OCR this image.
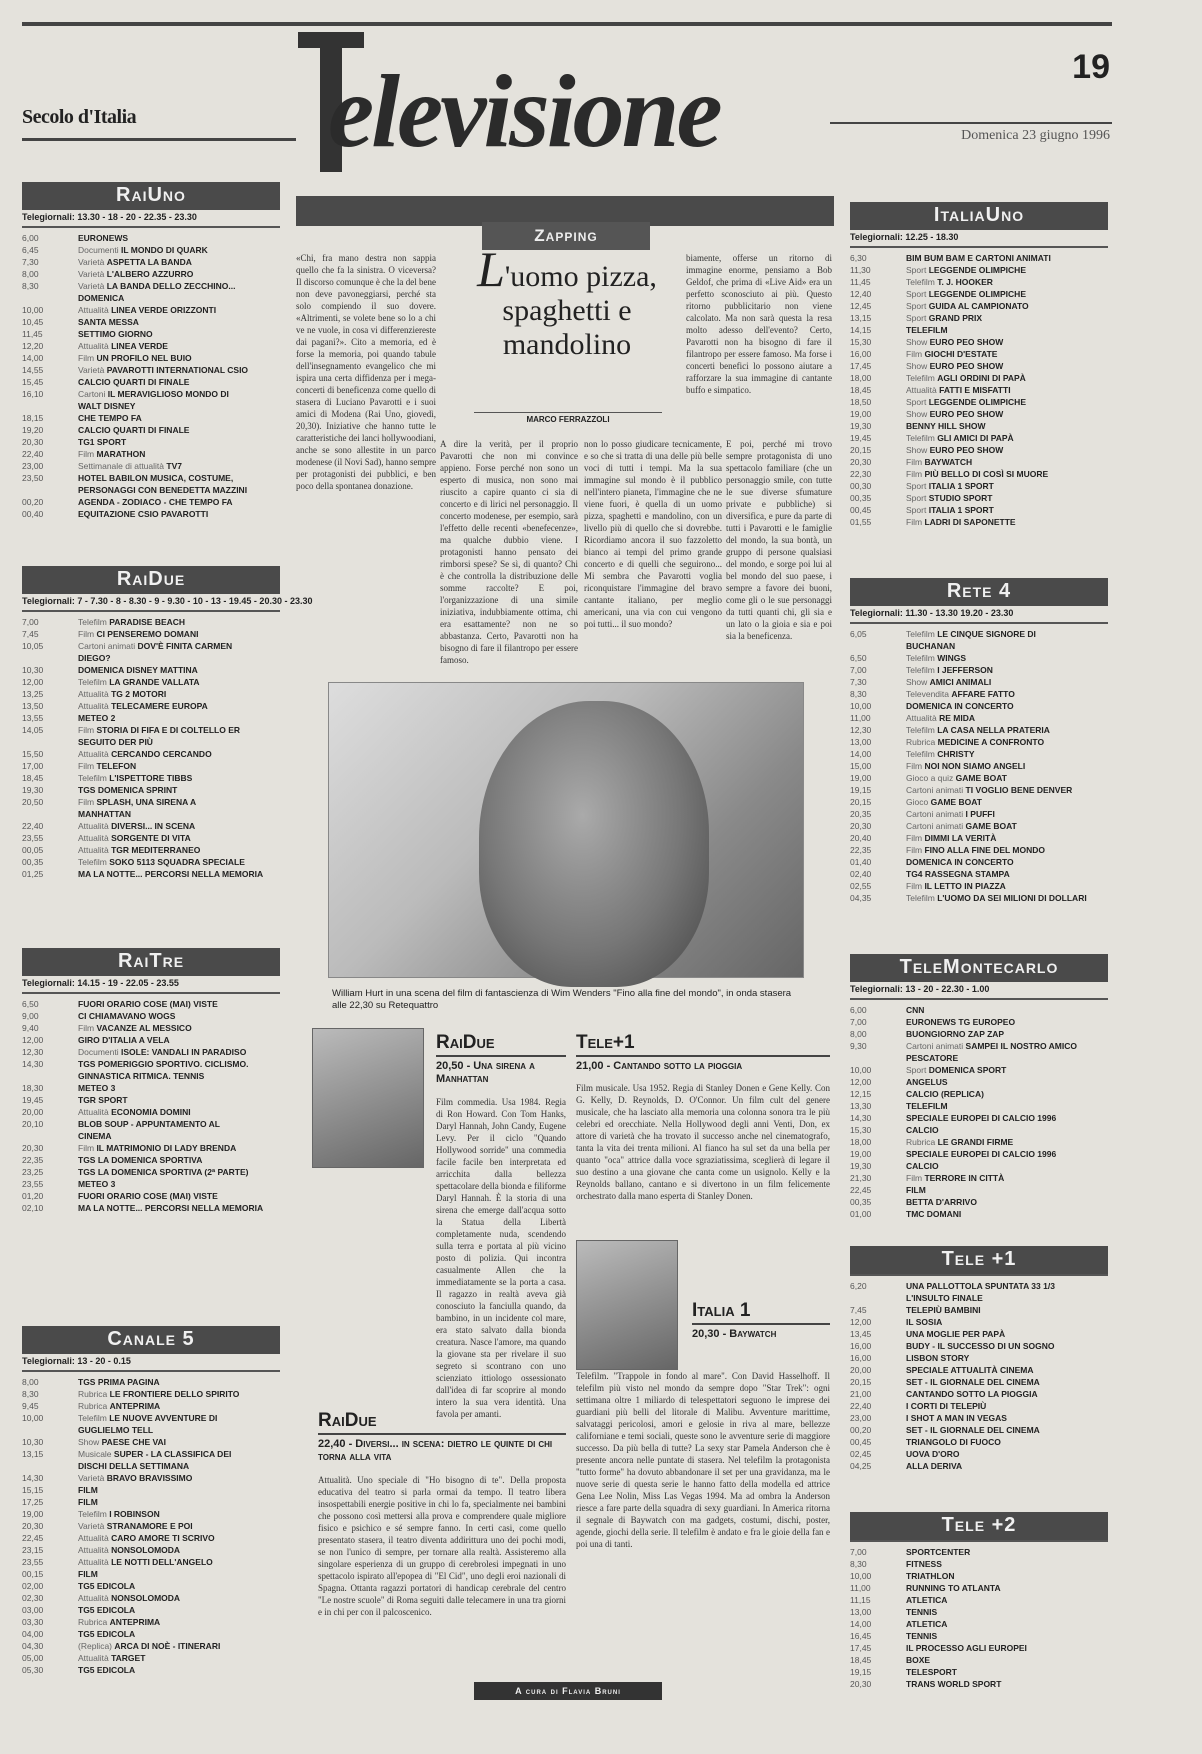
19
Secolo d'Italia
Domenica 23 giugno 1996
elevisione
RaiUno
Telegiornali: 13.30 - 18 - 20 - 22.35 - 23.30
6,00	EURONEWS
6,45	Documenti IL MONDO DI QUARK
7,30	Varietà ASPETTA LA BANDA
8,00	Varietà L'ALBERO AZZURRO
8,30	Varietà LA BANDA DELLO ZECCHINO...
DOMENICA
10,00	Attualità LINEA VERDE ORIZZONTI
10,45	SANTA MESSA
11,45	SETTIMO GIORNO
12,20	Attualità LINEA VERDE
14,00	Film UN PROFILO NEL BUIO
14,55	Varietà PAVAROTTI INTERNATIONAL CSIO
15,45	CALCIO QUARTI DI FINALE
16,10	Cartoni IL MERAVIGLIOSO MONDO DI
WALT DISNEY
18,15	CHE TEMPO FA
19,20	CALCIO QUARTI DI FINALE
20,30	TG1 SPORT
22,40	Film MARATHON
23,00	Settimanale di attualità TV7
23,50	HOTEL BABILON MUSICA, COSTUME,
PERSONAGGI CON BENEDETTA MAZZINI
00,20	AGENDA - ZODIACO - CHE TEMPO FA
00,40	EQUITAZIONE CSIO PAVAROTTI
RaiDue
Telegiornali: 7 - 7.30 - 8 - 8.30 - 9 - 9.30 - 10 - 13 - 19.45 - 20.30 - 23.30
7,00	Telefilm PARADISE BEACH
7,45	Film CI PENSEREMO DOMANI
10,05	Cartoni animati DOV'È FINITA CARMEN
DIEGO?
10,30	DOMENICA DISNEY MATTINA
12,00	Telefilm LA GRANDE VALLATA
13,25	Attualità TG 2 MOTORI
13,50	Attualità TELECAMERE EUROPA
13,55	METEO 2
14,05	Film STORIA DI FIFA E DI COLTELLO ER
SEGUITO DER PIÙ
15,50	Attualità CERCANDO CERCANDO
17,00	Film TELEFON
18,45	Telefilm L'ISPETTORE TIBBS
19,30	TGS DOMENICA SPRINT
20,50	Film SPLASH, UNA SIRENA A
MANHATTAN
22,40	Attualità DIVERSI... IN SCENA
23,55	Attualità SORGENTE DI VITA
00,05	Attualità TGR MEDITERRANEO
00,35	Telefilm SOKO 5113 SQUADRA SPECIALE
01,25	MA LA NOTTE... PERCORSI NELLA MEMORIA
RaiTre
Telegiornali: 14.15 - 19 - 22.05 - 23.55
6,50	FUORI ORARIO COSE (MAI) VISTE
9,00	CI CHIAMAVANO WOGS
9,40	Film VACANZE AL MESSICO
12,00	GIRO D'ITALIA A VELA
12,30	Documenti ISOLE: VANDALI IN PARADISO
14,30	TGS POMERIGGIO SPORTIVO. CICLISMO.
GINNASTICA RITMICA. TENNIS
18,30	METEO 3
19,45	TGR SPORT
20,00	Attualità ECONOMIA DOMINI
20,10	BLOB SOUP - APPUNTAMENTO AL
CINEMA
20,30	Film IL MATRIMONIO DI LADY BRENDA
22,35	TGS LA DOMENICA SPORTIVA
23,25	TGS LA DOMENICA SPORTIVA (2ª PARTE)
23,55	METEO 3
01,20	FUORI ORARIO COSE (MAI) VISTE
02,10	MA LA NOTTE... PERCORSI NELLA MEMORIA
Canale 5
Telegiornali: 13 - 20 - 0.15
8,00	TGS PRIMA PAGINA
8,30	Rubrica LE FRONTIERE DELLO SPIRITO
9,45	Rubrica ANTEPRIMA
10,00	Telefilm LE NUOVE AVVENTURE DI
GUGLIELMO TELL
10,30	Show PAESE CHE VAI
13,15	Musicale SUPER - LA CLASSIFICA DEI
DISCHI DELLA SETTIMANA
14,30	Varietà BRAVO BRAVISSIMO
15,15	FILM
17,25	FILM
19,00	Telefilm I ROBINSON
20,30	Varietà STRANAMORE E POI
22,45	Attualità CARO AMORE TI SCRIVO
23,15	Attualità NONSOLOMODA
23,55	Attualità LE NOTTI DELL'ANGELO
00,15	FILM
02,00	TG5 EDICOLA
02,30	Attualità NONSOLOMODA
03,00	TG5 EDICOLA
03,30	Rubrica ANTEPRIMA
04,00	TG5 EDICOLA
04,30	(Replica) ARCA DI NOÈ - ITINERARI
05,00	Attualità TARGET
05,30	TG5 EDICOLA
ItaliaUno
Telegiornali: 12.25 - 18.30
6,30	BIM BUM BAM E CARTONI ANIMATI
11,30	Sport LEGGENDE OLIMPICHE
11,45	Telefilm T. J. HOOKER
12,40	Sport LEGGENDE OLIMPICHE
12,45	Sport GUIDA AL CAMPIONATO
13,15	Sport GRAND PRIX
14,15	TELEFILM
15,30	Show EURO PEO SHOW
16,00	Film GIOCHI D'ESTATE
17,45	Show EURO PEO SHOW
18,00	Telefilm AGLI ORDINI DI PAPÀ
18,45	Attualità FATTI E MISFATTI
18,50	Sport LEGGENDE OLIMPICHE
19,00	Show EURO PEO SHOW
19,30	BENNY HILL SHOW
19,45	Telefilm GLI AMICI DI PAPÀ
20,15	Show EURO PEO SHOW
20,30	Film BAYWATCH
22,30	Film PIÙ BELLO DI COSÌ SI MUORE
00,30	Sport ITALIA 1 SPORT
00,35	Sport STUDIO SPORT
00,45	Sport ITALIA 1 SPORT
01,55	Film LADRI DI SAPONETTE
Rete 4
Telegiornali: 11.30 - 13.30 19.20 - 23.30
6,05	Telefilm LE CINQUE SIGNORE DI
BUCHANAN
6,50	Telefilm WINGS
7,00	Telefilm I JEFFERSON
7,30	Show AMICI ANIMALI
8,30	Televendita AFFARE FATTO
10,00	DOMENICA IN CONCERTO
11,00	Attualità RE MIDA
12,30	Telefilm LA CASA NELLA PRATERIA
13,00	Rubrica MEDICINE A CONFRONTO
14,00	Telefilm CHRISTY
15,00	Film NOI NON SIAMO ANGELI
19,00	Gioco a quiz GAME BOAT
19,15	Cartoni animati TI VOGLIO BENE DENVER
20,15	Gioco GAME BOAT
20,35	Cartoni animati I PUFFI
20,30	Cartoni animati GAME BOAT
20,40	Film DIMMI LA VERITÀ
22,35	Film FINO ALLA FINE DEL MONDO
01,40	DOMENICA IN CONCERTO
02,40	TG4 RASSEGNA STAMPA
02,55	Film IL LETTO IN PIAZZA
04,35	Telefilm L'UOMO DA SEI MILIONI DI DOLLARI
TeleMontecarlo
Telegiornali: 13 - 20 - 22.30 - 1.00
6,00	CNN
7,00	EURONEWS TG EUROPEO
8,00	BUONGIORNO ZAP ZAP
9,30	Cartoni animati SAMPEI IL NOSTRO AMICO
PESCATORE
10,00	Sport DOMENICA SPORT
12,00	ANGELUS
12,15	CALCIO (REPLICA)
13,30	TELEFILM
14,30	SPECIALE EUROPEI DI CALCIO 1996
15,30	CALCIO
18,00	Rubrica LE GRANDI FIRME
19,00	SPECIALE EUROPEI DI CALCIO 1996
19,30	CALCIO
21,30	Film TERRORE IN CITTÀ
22,45	FILM
00,35	BETTA D'ARRIVO
01,00	TMC DOMANI
Tele +1
6,20	UNA PALLOTTOLA SPUNTATA 33 1/3
L'INSULTO FINALE
7,45	TELEPIÙ BAMBINI
12,00	IL SOSIA
13,45	UNA MOGLIE PER PAPÀ
16,00	BUDY - IL SUCCESSO DI UN SOGNO
16,00	LISBON STORY
20,00	SPECIALE ATTUALITÀ CINEMA
20,15	SET - IL GIORNALE DEL CINEMA
21,00	CANTANDO SOTTO LA PIOGGIA
22,40	I CORTI DI TELEPIÙ
23,00	I SHOT A MAN IN VEGAS
00,20	SET - IL GIORNALE DEL CINEMA
00,45	TRIANGOLO DI FUOCO
02,45	UOVA D'ORO
04,25	ALLA DERIVA
Tele +2
7,00	SPORTCENTER
8,30	FITNESS
10,00	TRIATHLON
11,00	RUNNING TO ATLANTA
11,15	ATLETICA
13,00	TENNIS
14,00	ATLETICA
16,45	TENNIS
17,45	IL PROCESSO AGLI EUROPEI
18,45	BOXE
19,15	TELESPORT
20,30	TRANS WORLD SPORT
Zapping
L'uomo pizza, spaghetti e mandolino
MARCO FERRAZZOLI
«Chi, fra mano destra non sappia quello che fa la sinistra. O viceversa? Il discorso comunque è che la del bene non deve pavoneggiarsi, perché sta solo compiendo il suo dovere. «Altrimenti, se volete bene so lo a chi ve ne vuole, in cosa vi differenziereste dai pagani?». Cito a memoria, ed è forse la memoria, poi quando tabule dell'insegnamento evangelico che mi ispira una certa diffidenza per i mega-concerti di beneficenza come quello di stasera di Luciano Pavarotti e i suoi amici di Modena (Rai Uno, giovedì, 20,30). Iniziative che hanno tutte le caratteristiche dei lanci hollywoodiani, anche se sono allestite in un parco modenese (il Novi Sad), hanno sempre per protagonisti dei pubblici, e ben poco della spontanea donazione.
A dire la verità, per il proprio Pavarotti che non mi convince appieno. Forse perché non sono un esperto di musica, non sono mai riuscito a capire quanto ci sia di concerto e di lirici nel personaggio. Il concerto modenese, per esempio, sarà l'effetto delle recenti «benefecenze», ma qualche dubbio viene. I protagonisti hanno pensato dei rimborsi spese? Se sì, di quanto? Chi è che controlla la distribuzione delle somme raccolte? E poi, l'organizzazione di una simile iniziativa, indubbiamente ottima, chi era esattamente? non ne so abbastanza. Certo, Pavarotti non ha bisogno di fare il filantropo per essere famoso.
biamente, offerse un ritorno di immagine enorme, pensiamo a Bob Geldof, che prima di «Live Aid» era un perfetto sconosciuto ai più. Questo ritorno pubblicitario non viene calcolato. Ma non sarà questa la resa molto adesso dell'evento? Certo, Pavarotti non ha bisogno di fare il filantropo per essere famoso. Ma forse i concerti benefici lo possono aiutare a rafforzare la sua immagine di cantante buffo e simpatico.
non lo posso giudicare tecnicamente, e so che si tratta di una delle più belle voci di tutti i tempi. Ma la sua immagine sul mondo è il pubblico nell'intero pianeta, l'immagine che ne viene fuori, è quella di un uomo pizza, spaghetti e mandolino, con un livello più di quello che si dovrebbe. Ricordiamo ancora il suo fazzoletto bianco ai tempi del primo grande concerto e di quelli che seguirono... Mi sembra che Pavarotti voglia riconquistare l'immagine del bravo cantante italiano, per meglio americani, una via con cui vengono poi tutti... il suo mondo?
E poi, perché mi trovo sempre protagonista di uno spettacolo familiare (che un personaggio smile, con tutte le sue diverse sfumature private e pubbliche) si diversifica, e pure da parte di tutti i Pavarotti e le famiglie del mondo, la sua bontà, un gruppo di persone qualsiasi del mondo, e sorge poi lui al bel mondo del suo paese, i sempre a favore dei buoni, come gli o le sue personaggi da tutti quanti chi, gli sia e un lato o la gioia e sia e poi sia la beneficenza.
William Hurt in una scena del film di fantascienza di Wim Wenders "Fino alla fine del mondo", in onda stasera alle 22,30 su Retequattro
RaiDue
20,50 - Una sirena a Manhattan
Film commedia. Usa 1984. Regia di Ron Howard. Con Tom Hanks, Daryl Hannah, John Candy, Eugene Levy. Per il ciclo "Quando Hollywood sorride" una commedia facile facile ben interpretata ed arricchita dalla bellezza spettacolare della bionda e filiforme Daryl Hannah. È la storia di una sirena che emerge dall'acqua sotto la Statua della Libertà completamente nuda, scendendo sulla terra e portata al più vicino posto di polizia. Qui incontra casualmente Allen che la immediatamente se la porta a casa. Il ragazzo in realtà aveva già conosciuto la fanciulla quando, da bambino, in un incidente col mare, era stato salvato dalla bionda creatura. Nasce l'amore, ma quando la giovane sta per rivelare il suo segreto si scontrano con uno scienziato ittiologo ossessionato dall'idea di far scoprire al mondo intero la sua vera identità. Una favola per amanti.
Tele+1
21,00 - Cantando sotto la pioggia
Film musicale. Usa 1952. Regia di Stanley Donen e Gene Kelly. Con G. Kelly, D. Reynolds, D. O'Connor. Un film cult del genere musicale, che ha lasciato alla memoria una colonna sonora tra le più celebri ed orecchiate. Nella Hollywood degli anni Venti, Don, ex attore di varietà che ha trovato il successo anche nel cinematografo, tanta la vita dei trenta milioni. Al fianco ha sul set da una bella per quanto "oca" attrice dalla voce sgraziatissima, sceglierà di legare il suo destino a una giovane che canta come un usignolo. Kelly e la Reynolds ballano, cantano e si divertono in un film felicemente orchestrato dalla mano esperta di Stanley Donen.
Italia 1
20,30 - Baywatch
Telefilm. "Trappole in fondo al mare". Con David Hasselhoff. Il telefilm più visto nel mondo da sempre dopo "Star Trek": ogni settimana oltre 1 miliardo di telespettatori seguono le imprese dei guardiani più belli del litorale di Malibu. Avventure marittime, salvataggi pericolosi, amori e gelosie in riva al mare, bellezze californiane e temi sociali, queste sono le avventure serie di maggiore successo. Da più bella di tutte? La sexy star Pamela Anderson che è presente ancora nelle puntate di stasera. Nel telefilm la protagonista "tutto forme" ha dovuto abbandonare il set per una gravidanza, ma le nuove serie di questa serie le hanno fatto della modella ed attrice Gena Lee Nolin, Miss Las Vegas 1994. Ma ad ombra la Anderson riesce a fare parte della squadra di sexy guardiani. In America ritorna il segnale di Baywatch con ma gadgets, costumi, dischi, poster, agende, giochi della serie. Il telefilm è andato e fra le gioie della fan e poi una di tanti.
RaiDue
22,40 - Diversi... in scena: dietro le quinte di chi torna alla vita
Attualità. Uno speciale di "Ho bisogno di te". Della proposta educativa del teatro si parla ormai da tempo. Il teatro libera insospettabili energie positive in chi lo fa, specialmente nei bambini che possono così mettersi alla prova e comprendere quale migliore fisico e psichico e sé sempre fanno. In certi casi, come quello presentato stasera, il teatro diventa addirittura uno dei pochi modi, se non l'unico di sempre, per tornare alla realtà. Assisteremo alla singolare esperienza di un gruppo di cerebrolesi impegnati in uno spettacolo ispirato all'epopea di "El Cid", uno degli eroi nazionali di Spagna. Ottanta ragazzi portatori di handicap cerebrale del centro "Le nostre scuole" di Roma seguiti dalle telecamere in una tra giorni e in chi per con il palcoscenico.
A cura di Flavia Bruni
